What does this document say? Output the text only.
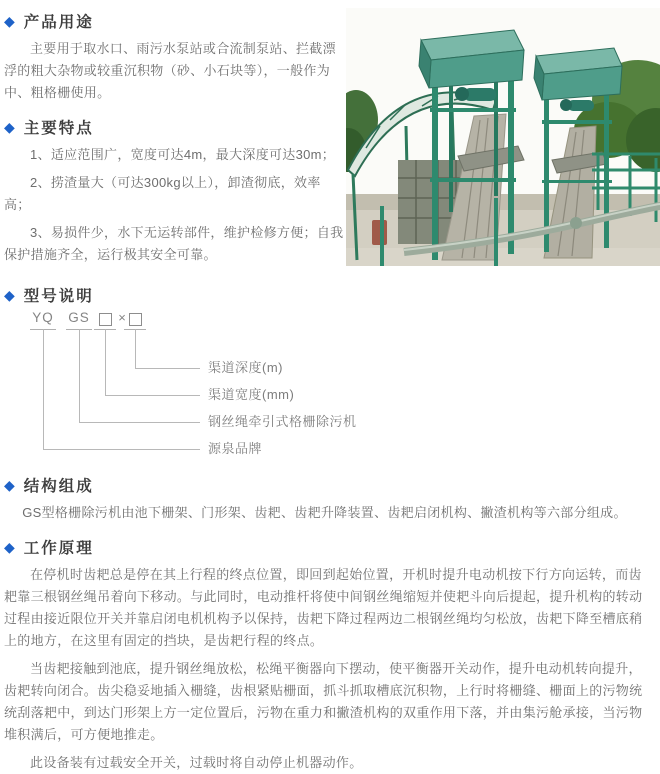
◆ 产品用途

主要用于取水口、雨污水泵站或合流制泵站、拦截漂浮的粗大杂物或较重沉积物（砂、小石块等），一般作为中、粗格栅使用。

◆ 主要特点

1、适应范围广，宽度可达4m，最大深度可达30m；

2、捞渣量大（可达300kg以上），卸渣彻底，效率高；

3、易损件少，水下无运转部件，维护检修方便；自我保护措施齐全，运行极其安全可靠。

◆ 型号说明
YQ GS ×
渠道深度(m)
渠道宽度(mm)
钢丝绳牵引式格栅除污机
源泉品牌
◆ 结构组成

GS型格栅除污机由池下栅架、门形架、齿耙、齿耙升降装置、齿耙启闭机构、撇渣机构等六部分组成。

◆ 工作原理

在停机时齿耙总是停在其上行程的终点位置，即回到起始位置，开机时提升电动机按下行方向运转，而齿耙靠三根钢丝绳吊着向下移动。与此同时，电动推杆将使中间钢丝绳缩短并使耙斗向后提起，提升机构的转动过程由接近限位开关并靠启闭电机机构予以保持，齿耙下降过程两边二根钢丝绳均匀松放，齿耙下降至槽底稍上的地方，在这里有固定的挡块，是齿耙行程的终点。

当齿耙接触到池底，提升钢丝绳放松，松绳平衡器向下摆动，使平衡器开关动作，提升电动机转向提升，齿耙转向闭合。齿尖稳妥地插入栅缝，齿根紧贴栅面，抓斗抓取槽底沉积物，上行时将栅缝、栅面上的污物统统刮落耙中，到达门形架上方一定位置后，污物在重力和撇渣机构的双重作用下落，并由集污舱承接，当污物堆积满后，可方便地推走。

此设备装有过载安全开关，过载时将自动停止机器动作。
